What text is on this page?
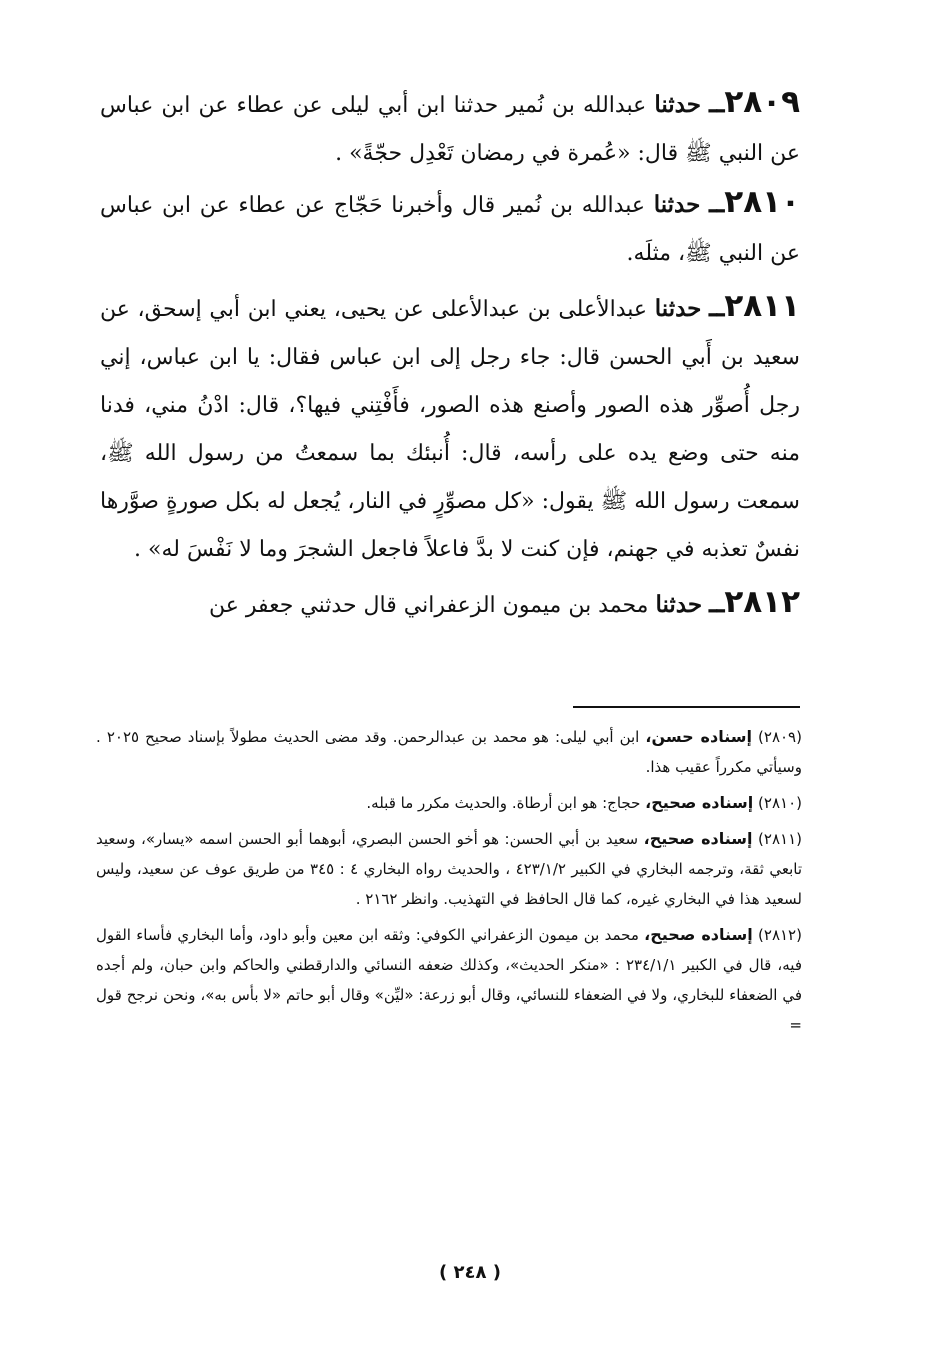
٢٨٠٩ــ حدثنا عبدالله بن نُمير حدثنا ابن أبي ليلى عن عطاء عن ابن عباس عن النبي ﷺ قال: «عُمرة في رمضان تَعْدِل حجّةً» .

٢٨١٠ــ حدثنا عبدالله بن نُمير قال وأخبرنا حَجّاج عن عطاء عن ابن عباس عن النبي ﷺ، مثلَه.

٢٨١١ــ حدثنا عبدالأعلى بن عبدالأعلى عن يحيى، يعني ابن أبي إسحق، عن سعيد بن أَبي الحسن قال: جاء رجل إلى ابن عباس فقال: يا ابن عباس، إني رجل أُصوِّر هذه الصور وأصنع هذه الصور، فأَفْتِني فيها؟، قال: ادْنُ مني، فدنا منه حتى وضع يده على رأسه، قال: أُنبئك بما سمعتُ من رسول الله ﷺ، سمعت رسول الله ﷺ يقول: «كل مصوِّرٍ في النار، يُجعل له بكل صورةٍ صوَّرها نفسٌ تعذبه في جهنم، فإن كنت لا بدَّ فاعلاً فاجعل الشجرَ وما لا نَفْسَ له» .

٢٨١٢ــ حدثنا محمد بن ميمون الزعفراني قال حدثني جعفر عن

(٢٨٠٩) إسناده حسن، ابن أبي ليلى: هو محمد بن عبدالرحمن. وقد مضى الحديث مطولاً بإسناد صحيح ٢٠٢٥ . وسيأتي مكرراً عقيب هذا.

(٢٨١٠) إسناده صحيح، حجاج: هو ابن أرطاة. والحديث مكرر ما قبله.

(٢٨١١) إسناده صحيح، سعيد بن أبي الحسن: هو أخو الحسن البصري، أبوهما أبو الحسن اسمه «يسار»، وسعيد تابعي ثقة، وترجمه البخاري في الكبير ٤٢٣/١/٢ ، والحديث رواه البخاري ٤ : ٣٤٥ من طريق عوف عن سعيد، وليس لسعيد هذا في البخاري غيره، كما قال الحافظ في التهذيب. وانظر ٢١٦٢ .

(٢٨١٢) إسناده صحيح، محمد بن ميمون الزعفراني الكوفي: وثقه ابن معين وأبو داود، وأما البخاري فأساء القول فيه، قال في الكبير ٢٣٤/١/١ : «منكر الحديث»، وكذلك ضعفه النسائي والدارقطني والحاكم وابن حبان، ولم أجده في الضعفاء للبخاري، ولا في الضعفاء للنسائي، وقال أبو زرعة: «ليِّن» وقال أبو حاتم «لا بأس به»، ونحن نرجح قول =

( ٢٤٨ )
